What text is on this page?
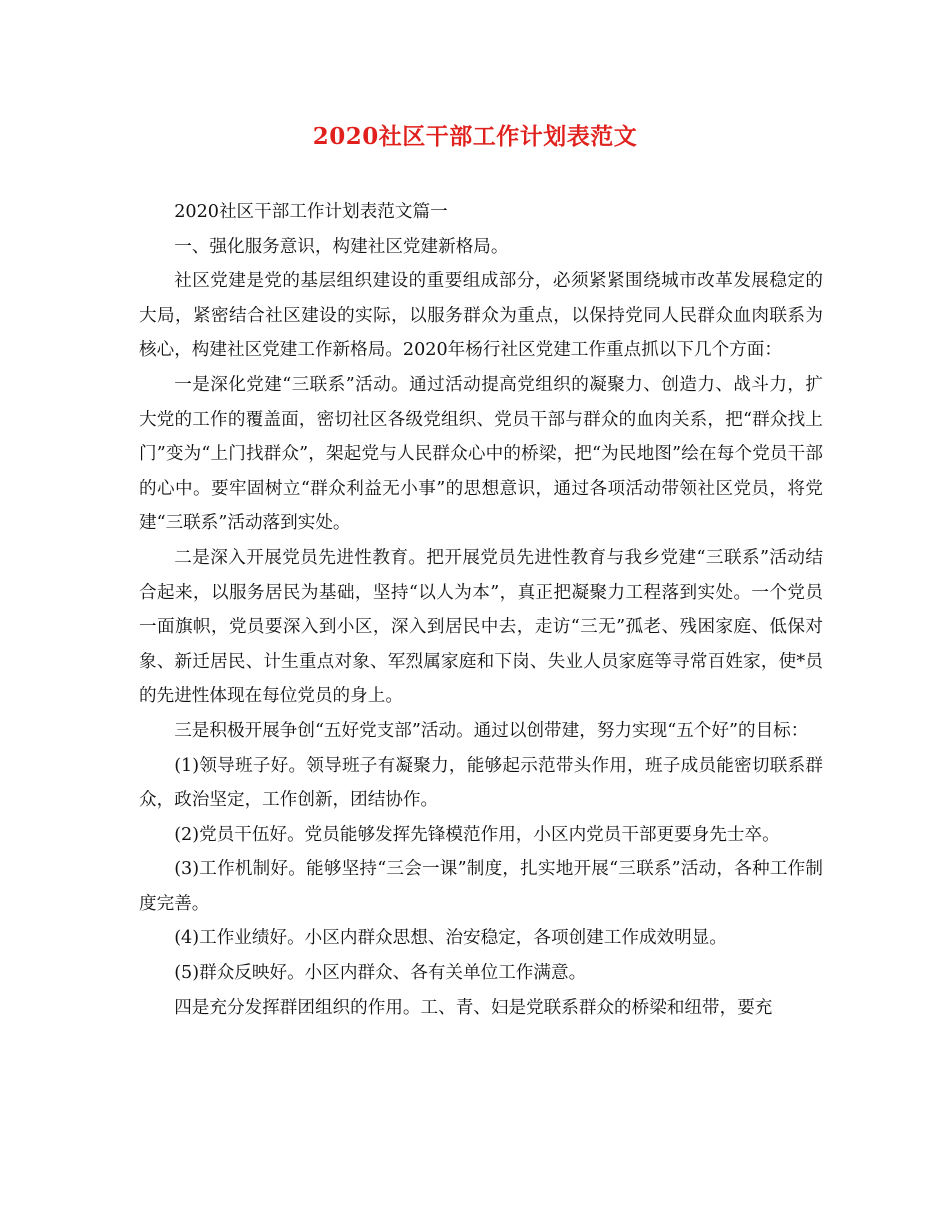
2020社区干部工作计划表范文

2020社区干部工作计划表范文篇一

一、强化服务意识，构建社区党建新格局。

社区党建是党的基层组织建设的重要组成部分，必须紧紧围绕城市改革发展稳定的大局，紧密结合社区建设的实际，以服务群众为重点，以保持党同人民群众血肉联系为核心，构建社区党建工作新格局。2020年杨行社区党建工作重点抓以下几个方面：

一是深化党建“三联系”活动。通过活动提高党组织的凝聚力、创造力、战斗力，扩大党的工作的覆盖面，密切社区各级党组织、党员干部与群众的血肉关系，把“群众找上门”变为“上门找群众”，架起党与人民群众心中的桥梁，把“为民地图”绘在每个党员干部的心中。要牢固树立“群众利益无小事”的思想意识，通过各项活动带领社区党员，将党建“三联系”活动落到实处。

二是深入开展党员先进性教育。把开展党员先进性教育与我乡党建“三联系”活动结合起来，以服务居民为基础，坚持“以人为本”，真正把凝聚力工程落到实处。一个党员一面旗帜，党员要深入到小区，深入到居民中去，走访“三无”孤老、残困家庭、低保对象、新迁居民、计生重点对象、军烈属家庭和下岗、失业人员家庭等寻常百姓家，使*员的先进性体现在每位党员的身上。

三是积极开展争创“五好党支部”活动。通过以创带建，努力实现“五个好”的目标：

(1)领导班子好。领导班子有凝聚力，能够起示范带头作用，班子成员能密切联系群众，政治坚定，工作创新，团结协作。

(2)党员干伍好。党员能够发挥先锋模范作用，小区内党员干部更要身先士卒。

(3)工作机制好。能够坚持“三会一课”制度，扎实地开展“三联系”活动，各种工作制度完善。

(4)工作业绩好。小区内群众思想、治安稳定，各项创建工作成效明显。

(5)群众反映好。小区内群众、各有关单位工作满意。

四是充分发挥群团组织的作用。工、青、妇是党联系群众的桥梁和纽带，要充
